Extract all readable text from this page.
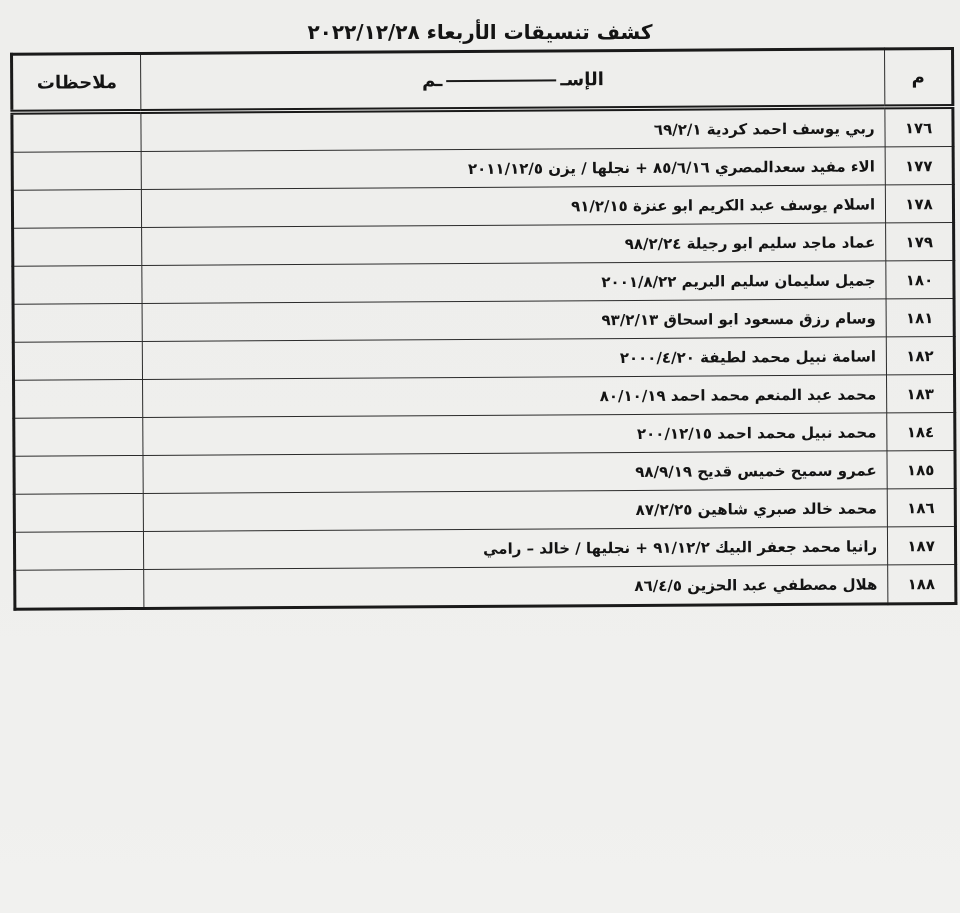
كشف تنسيقات الأربعاء ٢٠٢٢/١٢/٢٨
م	الإســم	ملاحظات
١٧٦	ربي يوسف احمد كردية ٦٩/٢/١	
١٧٧	الاء مفيد سعدالمصري ٨٥/٦/١٦ + نجلها / يزن ٢٠١١/١٢/٥	
١٧٨	اسلام يوسف عبد الكريم ابو عنزة ٩١/٢/١٥	
١٧٩	عماد ماجد سليم ابو رجيلة ٩٨/٢/٢٤	
١٨٠	جميل سليمان سليم البريم ٢٠٠١/٨/٢٢	
١٨١	وسام رزق مسعود ابو اسحاق ٩٣/٢/١٣	
١٨٢	اسامة نبيل محمد لطيفة ٢٠٠٠/٤/٢٠	
١٨٣	محمد عبد المنعم محمد احمد ٨٠/١٠/١٩	
١٨٤	محمد نبيل محمد احمد ٢٠٠/١٢/١٥	
١٨٥	عمرو سميح خميس قديح ٩٨/٩/١٩	
١٨٦	محمد خالد صبري شاهين ٨٧/٢/٢٥	
١٨٧	رانيا محمد جعفر البيك ٩١/١٢/٢ + نجليها / خالد – رامي	
١٨٨	هلال مصطفي عبد الحزين ٨٦/٤/٥	
